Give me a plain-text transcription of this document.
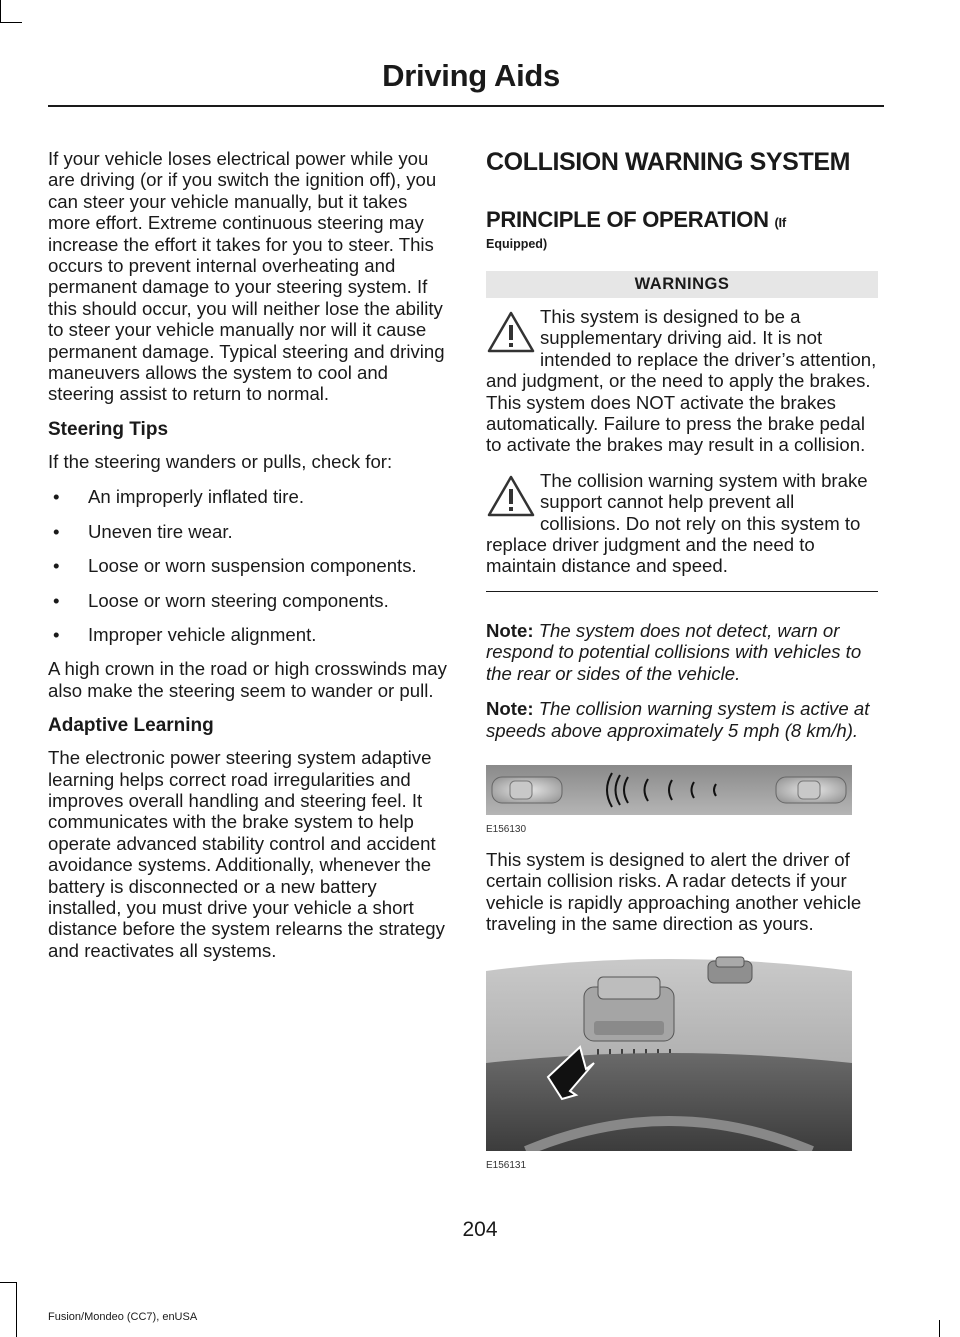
Driving Aids

If your vehicle loses electrical power while you are driving (or if you switch the ignition off), you can steer your vehicle manually, but it takes more effort. Extreme continuous steering may increase the effort it takes for you to steer. This occurs to prevent internal overheating and permanent damage to your steering system. If this should occur, you will neither lose the ability to steer your vehicle manually nor will it cause permanent damage. Typical steering and driving maneuvers allows the system to cool and steering assist to return to normal.

Steering Tips

If the steering wanders or pulls, check for:

• An improperly inflated tire.
• Uneven tire wear.
• Loose or worn suspension components.
• Loose or worn steering components.
• Improper vehicle alignment.

A high crown in the road or high crosswinds may also make the steering seem to wander or pull.

Adaptive Learning

The electronic power steering system adaptive learning helps correct road irregularities and improves overall handling and steering feel. It communicates with the brake system to help operate advanced stability control and accident avoidance systems. Additionally, whenever the battery is disconnected or a new battery installed, you must drive your vehicle a short distance before the system relearns the strategy and reactivates all systems.

COLLISION WARNING SYSTEM
PRINCIPLE OF OPERATION (If
Equipped)
WARNINGS
This system is designed to be a supplementary driving aid. It is not intended to replace the driver’s attention, and judgment, or the need to apply the brakes. This system does NOT activate the brakes automatically. Failure to press the brake pedal to activate the brakes may result in a collision.
The collision warning system with brake support cannot help prevent all collisions. Do not rely on this system to replace driver judgment and the need to maintain distance and speed.

Note: The system does not detect, warn or respond to potential collisions with vehicles to the rear or sides of the vehicle.

Note: The collision warning system is active at speeds above approximately 5 mph (8 km/h).

E156130

This system is designed to alert the driver of certain collision risks. A radar detects if your vehicle is rapidly approaching another vehicle traveling in the same direction as yours.

E156131
204
Fusion/Mondeo (CC7), enUSA
